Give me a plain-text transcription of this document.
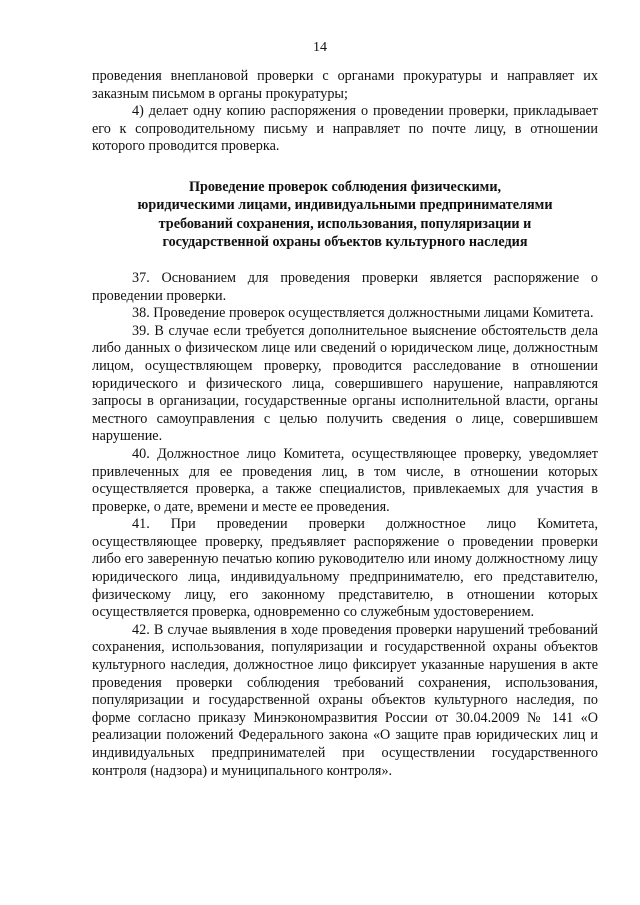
14

проведения внеплановой проверки с органами прокуратуры и направляет их заказным письмом в органы прокуратуры;

4) делает одну копию распоряжения о проведении проверки, прикладывает его к сопроводительному письму и направляет по почте лицу, в отношении которого проводится проверка.

Проведение проверок соблюдения физическими,
юридическими лицами, индивидуальными предпринимателями
требований сохранения, использования, популяризации и
государственной охраны объектов культурного наследия

37. Основанием для проведения проверки является распоряжение о проведении проверки.

38. Проведение проверок осуществляется должностными лицами Комитета.

39. В случае если требуется дополнительное выяснение обстоятельств дела либо данных о физическом лице или сведений о юридическом лице, должностным лицом, осуществляющем проверку, проводится расследование в отношении юридического и физического лица, совершившего нарушение, направляются запросы в организации, государственные органы исполнительной власти, органы местного самоуправления с целью получить сведения о лице, совершившем нарушение.

40. Должностное лицо Комитета, осуществляющее проверку, уведомляет привлеченных для ее проведения лиц, в том числе, в отношении которых осуществляется проверка, а также специалистов, привлекаемых для участия в проверке, о дате, времени и месте ее проведения.

41. При проведении проверки должностное лицо Комитета, осуществляющее проверку, предъявляет распоряжение о проведении проверки либо его заверенную печатью копию руководителю или иному должностному лицу юридического лица, индивидуальному предпринимателю, его представителю, физическому лицу, его законному представителю, в отношении которых осуществляется проверка, одновременно со служебным удостоверением.

42. В случае выявления в ходе проведения проверки нарушений требований сохранения, использования, популяризации и государственной охраны объектов культурного наследия, должностное лицо фиксирует указанные нарушения в акте проведения проверки соблюдения требований сохранения, использования, популяризации и государственной охраны объектов культурного наследия, по форме согласно приказу Минэкономразвития России от 30.04.2009 № 141 «О реализации положений Федерального закона «О защите прав юридических лиц и индивидуальных предпринимателей при осуществлении государственного контроля (надзора) и муниципального контроля».
